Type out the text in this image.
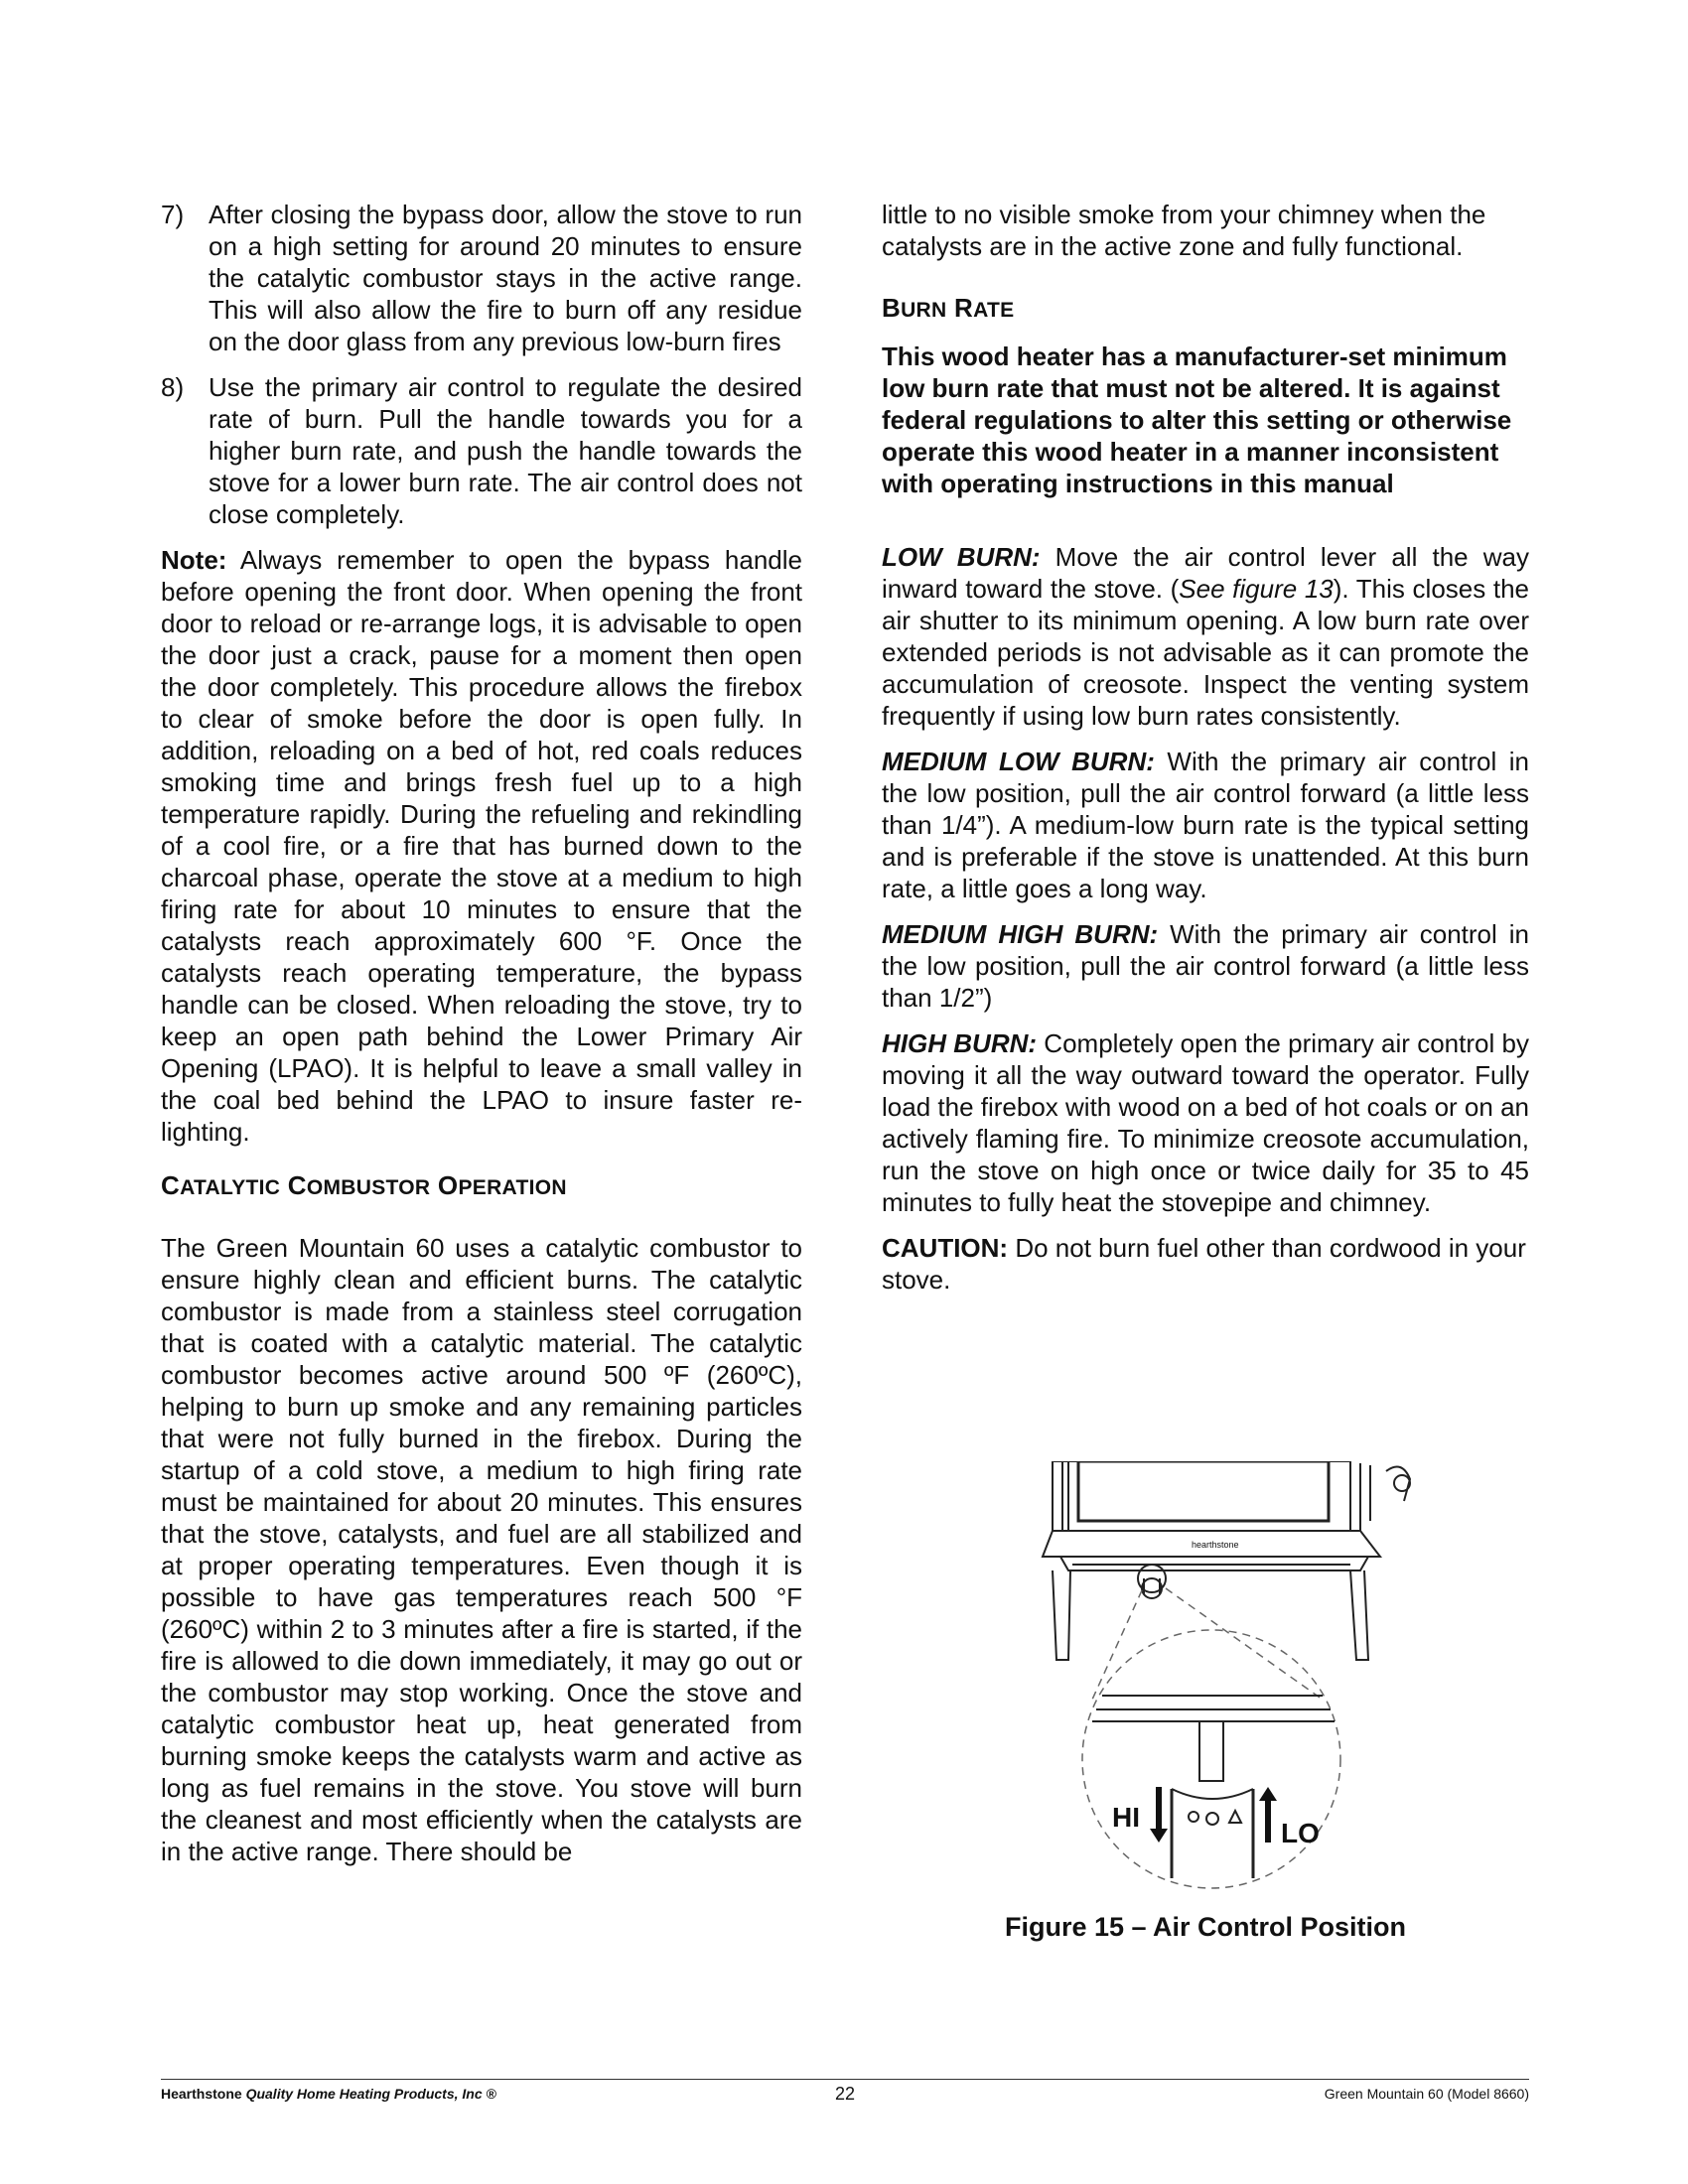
7) After closing the bypass door, allow the stove to run on a high setting for around 20 minutes to ensure the catalytic combustor stays in the active range. This will also allow the fire to burn off any residue on the door glass from any previous low-burn fires
8) Use the primary air control to regulate the desired rate of burn. Pull the handle towards you for a higher burn rate, and push the handle towards the stove for a lower burn rate. The air control does not close completely.

Note: Always remember to open the bypass handle before opening the front door. When opening the front door to reload or re-arrange logs, it is advisable to open the door just a crack, pause for a moment then open the door completely. This procedure allows the firebox to clear of smoke before the door is open fully. In addition, reloading on a bed of hot, red coals reduces smoking time and brings fresh fuel up to a high temperature rapidly. During the refueling and rekindling of a cool fire, or a fire that has burned down to the charcoal phase, operate the stove at a medium to high firing rate for about 10 minutes to ensure that the catalysts reach approximately 600 °F. Once the catalysts reach operating temperature, the bypass handle can be closed. When reloading the stove, try to keep an open path behind the Lower Primary Air Opening (LPAO). It is helpful to leave a small valley in the coal bed behind the LPAO to insure faster re-lighting.

CATALYTIC COMBUSTOR OPERATION

The Green Mountain 60 uses a catalytic combustor to ensure highly clean and efficient burns. The catalytic combustor is made from a stainless steel corrugation that is coated with a catalytic material. The catalytic combustor becomes active around 500 ºF (260ºC), helping to burn up smoke and any remaining particles that were not fully burned in the firebox. During the startup of a cold stove, a medium to high firing rate must be maintained for about 20 minutes. This ensures that the stove, catalysts, and fuel are all stabilized and at proper operating temperatures. Even though it is possible to have gas temperatures reach 500 °F (260ºC) within 2 to 3 minutes after a fire is started, if the fire is allowed to die down immediately, it may go out or the combustor may stop working. Once the stove and catalytic combustor heat up, heat generated from burning smoke keeps the catalysts warm and active as long as fuel remains in the stove. You stove will burn the cleanest and most efficiently when the catalysts are in the active range. There should be

little to no visible smoke from your chimney when the catalysts are in the active zone and fully functional.

BURN RATE

This wood heater has a manufacturer-set minimum low burn rate that must not be altered. It is against federal regulations to alter this setting or otherwise operate this wood heater in a manner inconsistent with operating instructions in this manual

LOW BURN: Move the air control lever all the way inward toward the stove. (See figure 13). This closes the air shutter to its minimum opening. A low burn rate over extended periods is not advisable as it can promote the accumulation of creosote. Inspect the venting system frequently if using low burn rates consistently.

MEDIUM LOW BURN: With the primary air control in the low position, pull the air control forward (a little less than 1/4”). A medium-low burn rate is the typical setting and is preferable if the stove is unattended. At this burn rate, a little goes a long way.

MEDIUM HIGH BURN: With the primary air control in the low position, pull the air control forward (a little less than 1/2”)

HIGH BURN: Completely open the primary air control by moving it all the way outward toward the operator. Fully load the firebox with wood on a bed of hot coals or on an actively flaming fire. To minimize creosote accumulation, run the stove on high once or twice daily for 35 to 45 minutes to fully heat the stovepipe and chimney.

CAUTION: Do not burn fuel other than cordwood in your stove.

HI
LO
hearthstone
Figure 15 – Air Control Position
Hearthstone Quality Home Heating Products, Inc ®	22	Green Mountain 60 (Model 8660)
